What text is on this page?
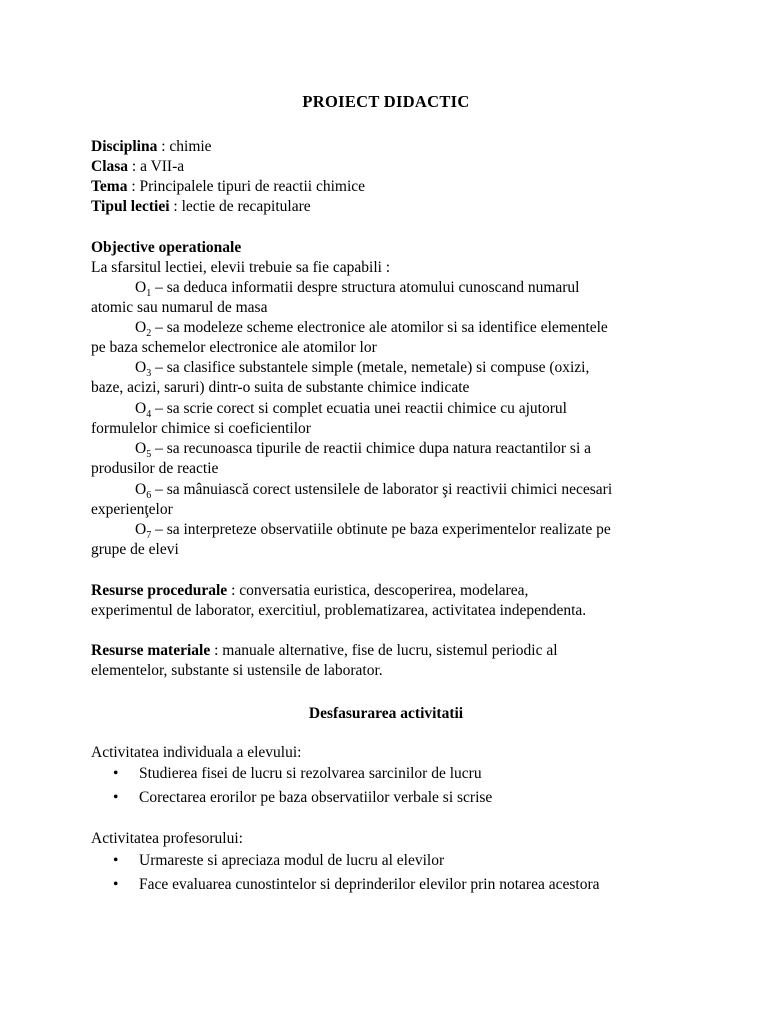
PROIECT DIDACTIC
Disciplina : chimie
Clasa : a VII-a
Tema : Principalele tipuri de reactii chimice
Tipul lectiei : lectie de recapitulare
Objective operationale
La sfarsitul lectiei, elevii trebuie sa fie capabili :
$O_1$ – sa deduca informatii despre structura atomului cunoscand numarul
atomic sau numarul de masa
$O_2$ – sa modeleze scheme electronice ale atomilor si sa identifice elementele
pe baza schemelor electronice ale atomilor lor
$O_3$ – sa clasifice substantele simple (metale, nemetale) si compuse (oxizi,
baze, acizi, saruri) dintr-o suita de substante chimice indicate
$O_4$ – sa scrie corect si complet ecuatia unei reactii chimice cu ajutorul
formulelor chimice si coeficientilor
$O_5$ – sa recunoasca tipurile de reactii chimice dupa natura reactantilor si a
produsilor de reactie
$O_6$ – sa mânuiască corect ustensilele de laborator şi reactivii chimici necesari
experienţelor
$O_7$ – sa interpreteze observatiile obtinute pe baza experimentelor realizate pe
grupe de elevi
Resurse procedurale : conversatia euristica, descoperirea, modelarea,
experimentul de laborator, exercitiul, problematizarea, activitatea independenta.
Resurse materiale : manuale alternative, fise de lucru, sistemul periodic al
elementelor, substante si ustensile de laborator.
Desfasurarea activitatii
Activitatea individuala a elevului:
• Studierea fisei de lucru si rezolvarea sarcinilor de lucru
• Corectarea erorilor pe baza observatiilor verbale si scrise
Activitatea profesorului:
• Urmareste si apreciaza modul de lucru al elevilor
• Face evaluarea cunostintelor si deprinderilor elevilor prin notarea acestora
